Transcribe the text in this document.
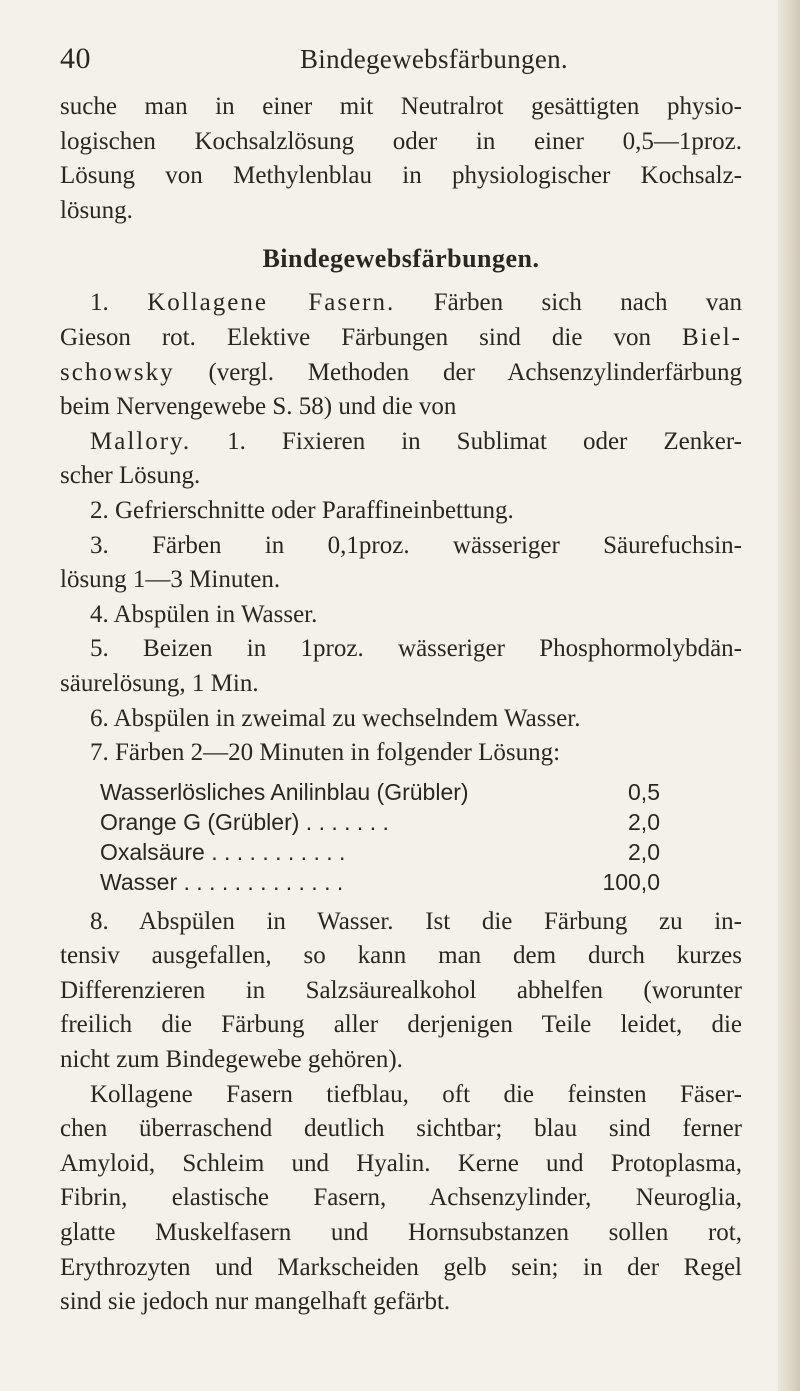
40	Bindegewebsfärbungen.
suche man in einer mit Neutralrot gesättigten physio-
logischen Kochsalzlösung oder in einer 0,5—1proz.
Lösung von Methylenblau in physiologischer Kochsalz-
lösung.
Bindegewebsfärbungen.
1. Kollagene Fasern. Färben sich nach van
Gieson rot. Elektive Färbungen sind die von Biel-
schowsky (vergl. Methoden der Achsenzylinderfärbung
beim Nervengewebe S. 58) und die von
Mallory. 1. Fixieren in Sublimat oder Zenker-
scher Lösung.
2. Gefrierschnitte oder Paraffineinbettung.
3. Färben in 0,1proz. wässeriger Säurefuchsin-
lösung 1—3 Minuten.
4. Abspülen in Wasser.
5. Beizen in 1proz. wässeriger Phosphormolybdän-
säurelösung, 1 Min.
6. Abspülen in zweimal zu wechselndem Wasser.
7. Färben 2—20 Minuten in folgender Lösung:
Wasserlösliches Anilinblau (Grübler)	0,5
Orange G (Grübler) . . . . . . .	2,0
Oxalsäure . . . . . . . . . . .	2,0
Wasser . . . . . . . . . . . . .	100,0
8. Abspülen in Wasser. Ist die Färbung zu in-
tensiv ausgefallen, so kann man dem durch kurzes
Differenzieren in Salzsäurealkohol abhelfen (worunter
freilich die Färbung aller derjenigen Teile leidet, die
nicht zum Bindegewebe gehören).
Kollagene Fasern tiefblau, oft die feinsten Fäser-
chen überraschend deutlich sichtbar; blau sind ferner
Amyloid, Schleim und Hyalin. Kerne und Protoplasma,
Fibrin, elastische Fasern, Achsenzylinder, Neuroglia,
glatte Muskelfasern und Hornsubstanzen sollen rot,
Erythrozyten und Markscheiden gelb sein; in der Regel
sind sie jedoch nur mangelhaft gefärbt.
